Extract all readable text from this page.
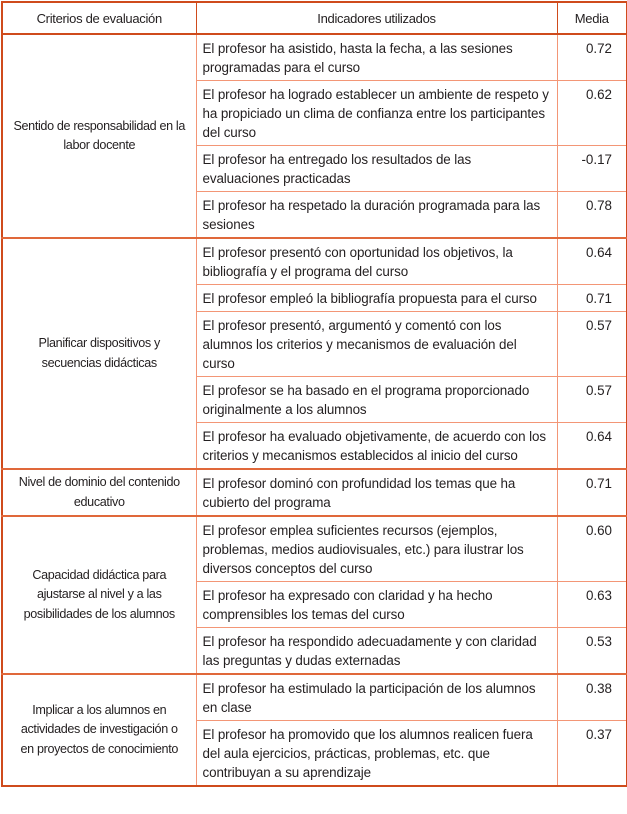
Criterios de evaluación	Indicadores utilizados	Media
Sentido de responsabilidad en la labor docente	El profesor ha asistido, hasta la fecha, a las sesiones programadas para el curso	0.72
	El profesor ha logrado establecer un ambiente de respeto y ha propiciado un clima de confianza entre los participantes del curso	0.62
	El profesor ha entregado los resultados de las evaluaciones practicadas	-0.17
	El profesor ha respetado la duración programada para las sesiones	0.78
Planificar dispositivos y secuencias didácticas	El profesor presentó con oportunidad los objetivos, la bibliografía y el programa del curso	0.64
	El profesor empleó la bibliografía propuesta para el curso	0.71
	El profesor presentó, argumentó y comentó con los alumnos los criterios y mecanismos de evaluación del curso	0.57
	El profesor se ha basado en el programa proporcionado originalmente a los alumnos	0.57
	El profesor ha evaluado objetivamente, de acuerdo con los criterios y mecanismos establecidos al inicio del curso	0.64
Nivel de dominio del contenido educativo	El profesor dominó con profundidad los temas que ha cubierto del programa	0.71
Capacidad didáctica para ajustarse al nivel y a las posibilidades de los alumnos	El profesor emplea suficientes recursos (ejemplos, problemas, medios audiovisuales, etc.) para ilustrar los diversos conceptos del curso	0.60
	El profesor ha expresado con claridad y ha hecho comprensibles los temas del curso	0.63
	El profesor ha respondido adecuadamente y con claridad las preguntas y dudas externadas	0.53
Implicar a los alumnos en actividades de investigación o en proyectos de conocimiento	El profesor ha estimulado la participación de los alumnos en clase	0.38
	El profesor ha promovido que los alumnos realicen fuera del aula ejercicios, prácticas, problemas, etc. que contribuyan a su aprendizaje	0.37
